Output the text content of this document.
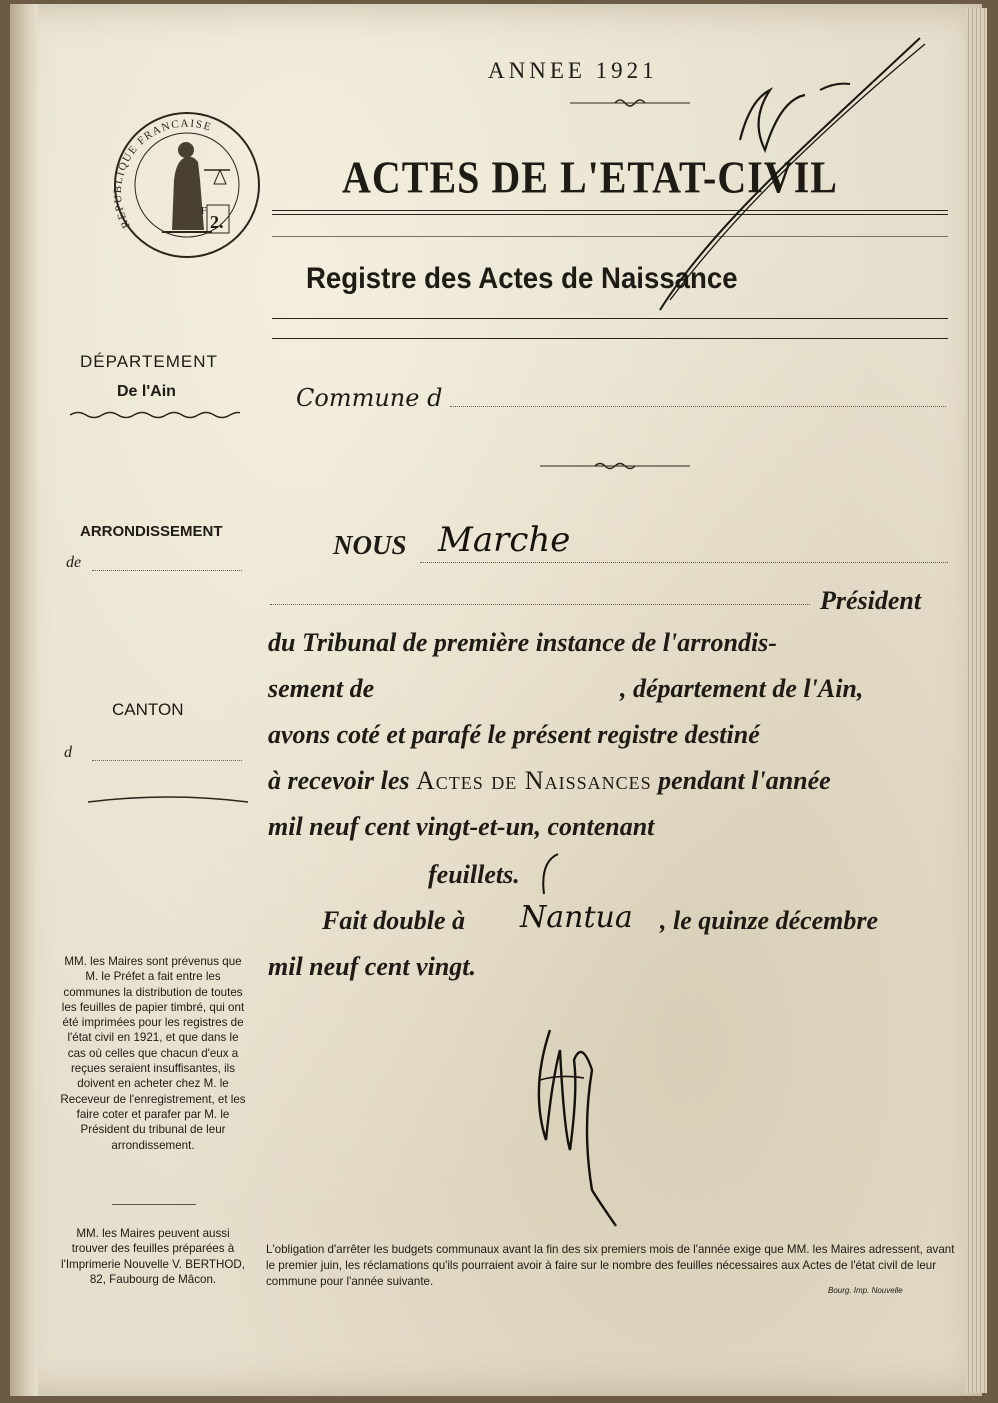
ANNEE 1921
F
2.
REPUBLIQUE FRANCAISE
ACTES DE L'ETAT-CIVIL
Registre des Actes de Naissance
DÉPARTEMENT
De l'Ain
ARRONDISSEMENT
de
CANTON
d
MM. les Maires sont prévenus que M. le Préfet a fait entre les communes la distribution de toutes les feuilles de papier timbré, qui ont été imprimées pour les registres de l'état civil en 1921, et que dans le cas où celles que chacun d'eux a reçues seraient insuffisantes, ils doivent en acheter chez M. le Receveur de l'enregistrement, et les faire coter et parafer par M. le Président du tribunal de leur arrondissement.
MM. les Maires peuvent aussi trouver des feuilles préparées à l'Imprimerie Nouvelle V. BERTHOD, 82, Faubourg de Mâcon.
Commune d
NOUS Marche
Président
du Tribunal de première instance de l'arrondis-
sement de	, département de l'Ain,
avons coté et parafé le présent registre destiné
à recevoir les Actes de Naissances pendant l'année
mil neuf cent vingt-et-un, contenant
feuillets.
Fait double à Nantua , le quinze décembre
mil neuf cent vingt.
L'obligation d'arrêter les budgets communaux avant la fin des six premiers mois de l'année exige que MM. les Maires adressent, avant le premier juin, les réclamations qu'ils pourraient avoir à faire sur le nombre des feuilles nécessaires aux Actes de l'état civil de leur commune pour l'année suivante.
Bourg. Imp. Nouvelle
